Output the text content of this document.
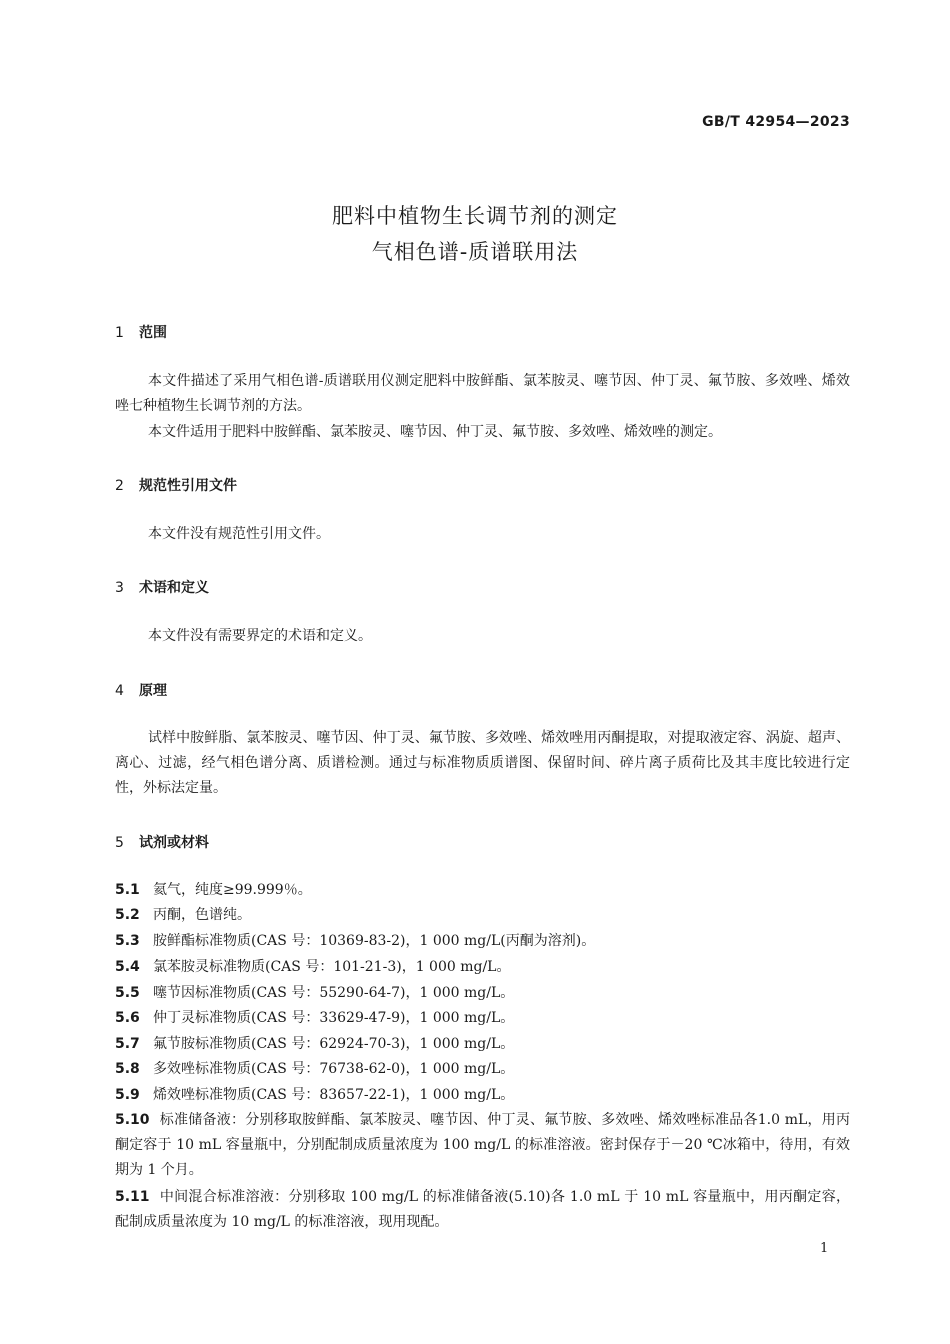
GB/T 42954—2023
肥料中植物生长调节剂的测定
气相色谱-质谱联用法
1 范围

本文件描述了采用气相色谱-质谱联用仪测定肥料中胺鲜酯、氯苯胺灵、噻节因、仲丁灵、氟节胺、多效唑、烯效唑七种植物生长调节剂的方法。

本文件适用于肥料中胺鲜酯、氯苯胺灵、噻节因、仲丁灵、氟节胺、多效唑、烯效唑的测定。

2 规范性引用文件

本文件没有规范性引用文件。

3 术语和定义

本文件没有需要界定的术语和定义。

4 原理

试样中胺鲜脂、氯苯胺灵、噻节因、仲丁灵、氟节胺、多效唑、烯效唑用丙酮提取，对提取液定容、涡旋、超声、离心、过滤，经气相色谱分离、质谱检测。通过与标准物质质谱图、保留时间、碎片离子质荷比及其丰度比较进行定性，外标法定量。

5 试剂或材料

5.1 氦气，纯度≥99.999％。

5.2 丙酮，色谱纯。

5.3 胺鲜酯标准物质(CAS 号：10369-83-2)，1 000 mg/L(丙酮为溶剂)。

5.4 氯苯胺灵标准物质(CAS 号：101-21-3)，1 000 mg/L。

5.5 噻节因标准物质(CAS 号：55290-64-7)，1 000 mg/L。

5.6 仲丁灵标准物质(CAS 号：33629-47-9)，1 000 mg/L。

5.7 氟节胺标准物质(CAS 号：62924-70-3)，1 000 mg/L。

5.8 多效唑标准物质(CAS 号：76738-62-0)，1 000 mg/L。

5.9 烯效唑标准物质(CAS 号：83657-22-1)，1 000 mg/L。

5.10 标准储备液：分别移取胺鲜酯、氯苯胺灵、噻节因、仲丁灵、氟节胺、多效唑、烯效唑标准品各1.0 mL，用丙酮定容于 10 mL 容量瓶中，分别配制成质量浓度为 100 mg/L 的标准溶液。密封保存于－20 ℃冰箱中，待用，有效期为 1 个月。

5.11 中间混合标准溶液：分别移取 100 mg/L 的标准储备液(5.10)各 1.0 mL 于 10 mL 容量瓶中，用丙酮定容，配制成质量浓度为 10 mg/L 的标准溶液，现用现配。

1
